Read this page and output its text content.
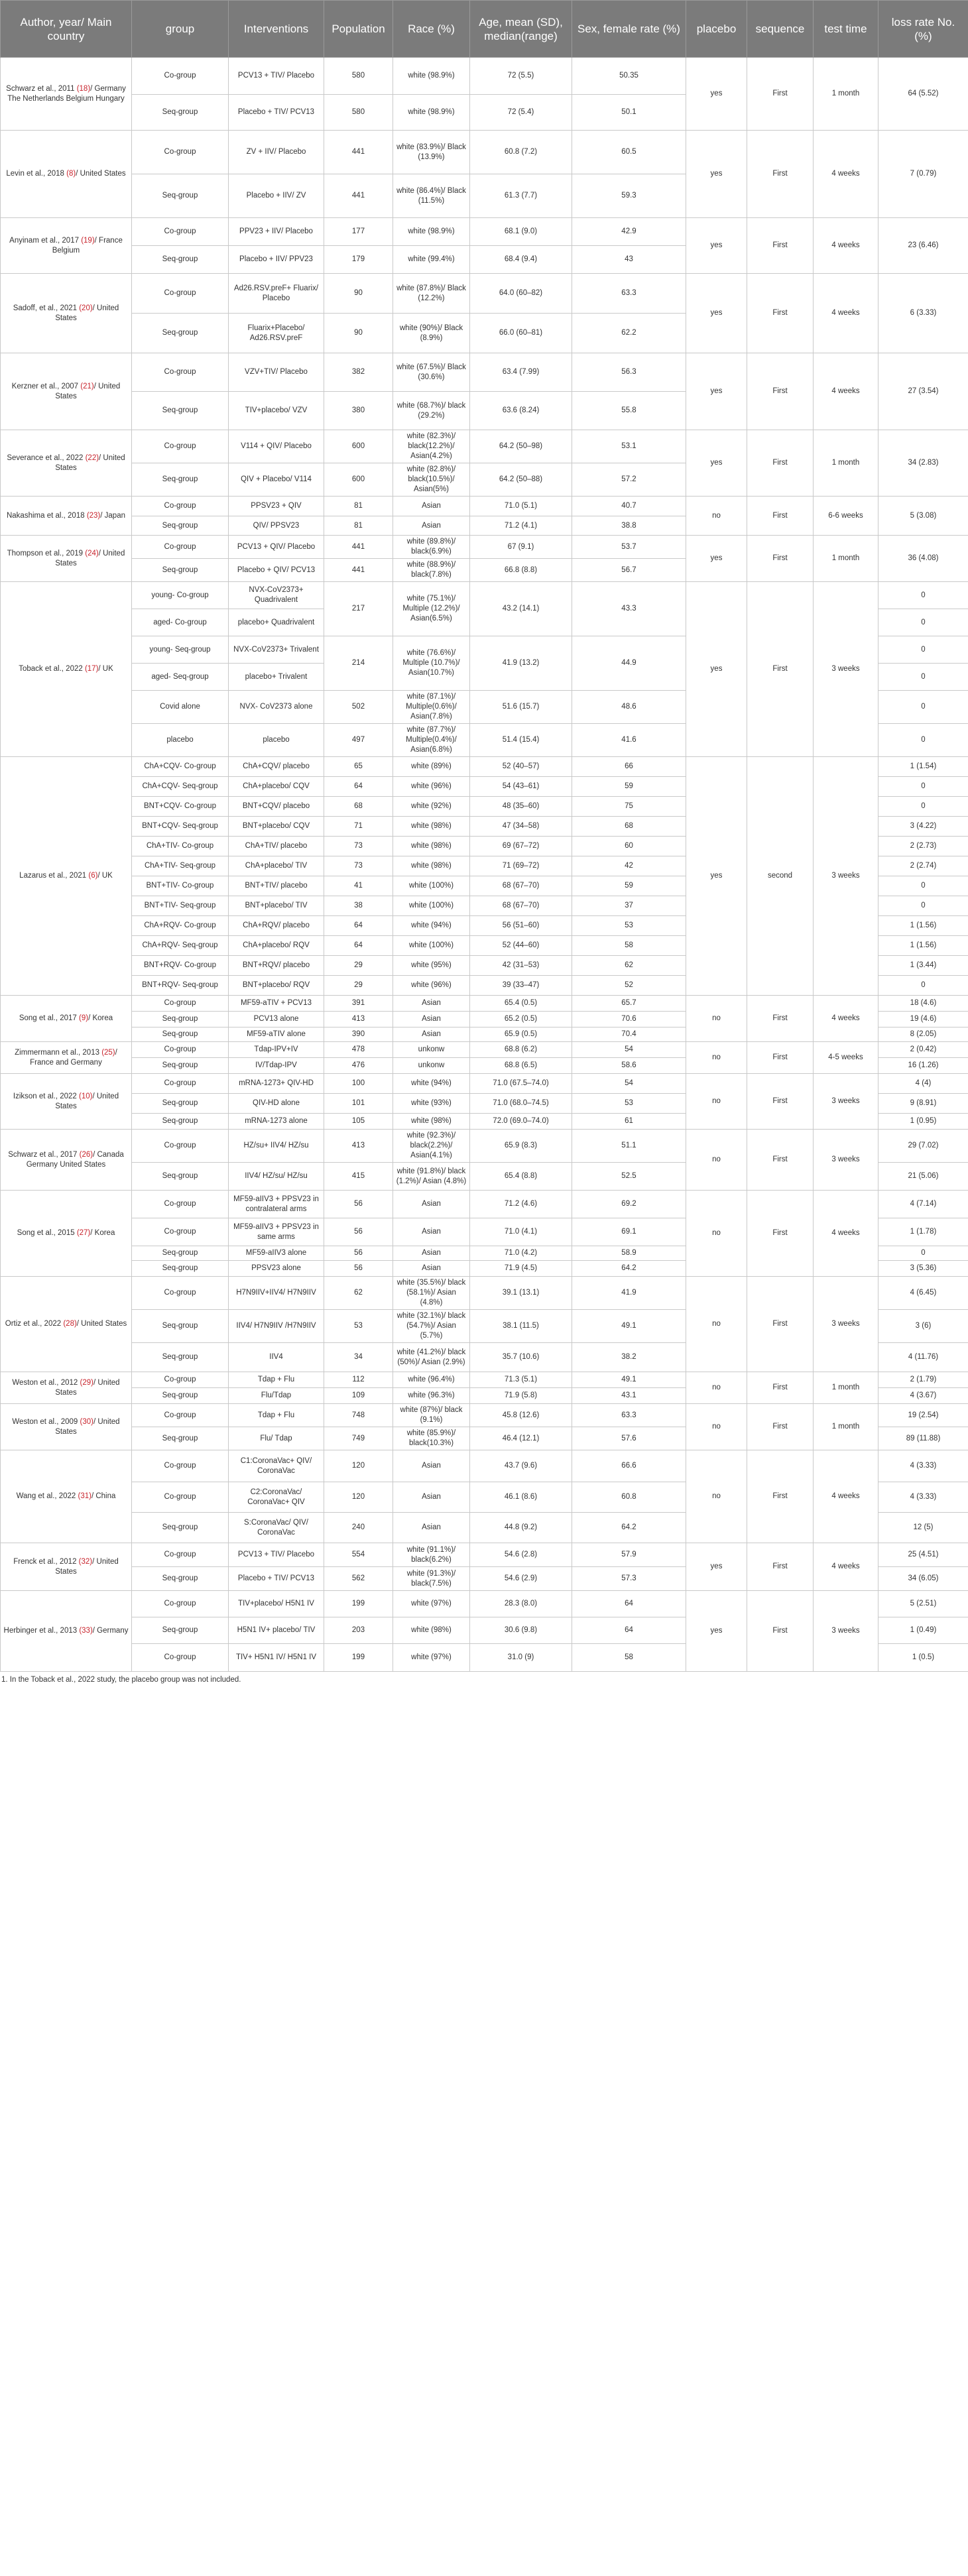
Author, year/ Main country	group	Interventions	Population	Race (%)	Age, mean (SD), median(range)	Sex, female rate (%)	placebo	sequence	test time	loss rate No. (%)
Schwarz et al., 2011 (18)/ Germany The Netherlands Belgium Hungary	Co-group	PCV13 + TIV/ Placebo	580	white (98.9%)	72 (5.5)	50.35	yes	First	1 month	64 (5.52)
	Seq-group	Placebo + TIV/ PCV13	580	white (98.9%)	72 (5.4)	50.1				
Levin et al., 2018 (8)/ United States	Co-group	ZV + IIV/ Placebo	441	white (83.9%)/ Black (13.9%)	60.8 (7.2)	60.5	yes	First	4 weeks	7 (0.79)
	Seq-group	Placebo + IIV/ ZV	441	white (86.4%)/ Black (11.5%)	61.3 (7.7)	59.3				
Anyinam et al., 2017 (19)/ France Belgium	Co-group	PPV23 + IIV/ Placebo	177	white (98.9%)	68.1 (9.0)	42.9	yes	First	4 weeks	23 (6.46)
	Seq-group	Placebo + IIV/ PPV23	179	white (99.4%)	68.4 (9.4)	43				
Sadoff, et al., 2021 (20)/ United States	Co-group	Ad26.RSV.preF+ Fluarix/ Placebo	90	white (87.8%)/ Black (12.2%)	64.0 (60–82)	63.3	yes	First	4 weeks	6 (3.33)
	Seq-group	Fluarix+Placebo/ Ad26.RSV.preF	90	white (90%)/ Black (8.9%)	66.0 (60–81)	62.2				
Kerzner et al., 2007 (21)/ United States	Co-group	VZV+TIV/ Placebo	382	white (67.5%)/ Black (30.6%)	63.4 (7.99)	56.3	yes	First	4 weeks	27 (3.54)
	Seq-group	TIV+placebo/ VZV	380	white (68.7%)/ black (29.2%)	63.6 (8.24)	55.8				
Severance et al., 2022 (22)/ United States	Co-group	V114 + QIV/ Placebo	600	white (82.3%)/ black(12.2%)/ Asian(4.2%)	64.2 (50–98)	53.1	yes	First	1 month	34 (2.83)
	Seq-group	QIV + Placebo/ V114	600	white (82.8%)/ black(10.5%)/ Asian(5%)	64.2 (50–88)	57.2				
Nakashima et al., 2018 (23)/ Japan	Co-group	PPSV23 + QIV	81	Asian	71.0 (5.1)	40.7	no	First	6-6 weeks	5 (3.08)
	Seq-group	QIV/ PPSV23	81	Asian	71.2 (4.1)	38.8				
Thompson et al., 2019 (24)/ United States	Co-group	PCV13 + QIV/ Placebo	441	white (89.8%)/ black(6.9%)	67 (9.1)	53.7	yes	First	1 month	36 (4.08)
	Seq-group	Placebo + QIV/ PCV13	441	white (88.9%)/ black(7.8%)	66.8 (8.8)	56.7				
Toback et al., 2022 (17)/ UK	young- Co-group	NVX-CoV2373+ Quadrivalent	217	white (75.1%)/ Multiple (12.2%)/ Asian(6.5%)	43.2 (14.1)	43.3	yes	First	3 weeks	0
	aged- Co-group	placebo+ Quadrivalent								0
	young- Seq-group	NVX-CoV2373+ Trivalent	214	white (76.6%)/ Multiple (10.7%)/ Asian(10.7%)	41.9 (13.2)	44.9				0
	aged- Seq-group	placebo+ Trivalent								0
	Covid alone	NVX- CoV2373 alone	502	white (87.1%)/ Multiple(0.6%)/ Asian(7.8%)	51.6 (15.7)	48.6				0
	placebo	placebo	497	white (87.7%)/ Multiple(0.4%)/ Asian(6.8%)	51.4 (15.4)	41.6				0
Lazarus et al., 2021 (6)/ UK	ChA+CQV- Co-group	ChA+CQV/ placebo	65	white (89%)	52 (40–57)	66	yes	second	3 weeks	1 (1.54)
	ChA+CQV- Seq-group	ChA+placebo/ CQV	64	white (96%)	54 (43–61)	59				0
	BNT+CQV- Co-group	BNT+CQV/ placebo	68	white (92%)	48 (35–60)	75				0
	BNT+CQV- Seq-group	BNT+placebo/ CQV	71	white (98%)	47 (34–58)	68				3 (4.22)
	ChA+TIV- Co-group	ChA+TIV/ placebo	73	white (98%)	69 (67–72)	60				2 (2.73)
	ChA+TIV- Seq-group	ChA+placebo/ TIV	73	white (98%)	71 (69–72)	42				2 (2.74)
	BNT+TIV- Co-group	BNT+TIV/ placebo	41	white (100%)	68 (67–70)	59				0
	BNT+TIV- Seq-group	BNT+placebo/ TIV	38	white (100%)	68 (67–70)	37				0
	ChA+RQV- Co-group	ChA+RQV/ placebo	64	white (94%)	56 (51–60)	53				1 (1.56)
	ChA+RQV- Seq-group	ChA+placebo/ RQV	64	white (100%)	52 (44–60)	58				1 (1.56)
	BNT+RQV- Co-group	BNT+RQV/ placebo	29	white (95%)	42 (31–53)	62				1 (3.44)
	BNT+RQV- Seq-group	BNT+placebo/ RQV	29	white (96%)	39 (33–47)	52				0
Song et al., 2017 (9)/ Korea	Co-group	MF59-aTIV + PCV13	391	Asian	65.4 (0.5)	65.7	no	First	4 weeks	18 (4.6)
	Seq-group	PCV13 alone	413	Asian	65.2 (0.5)	70.6				19 (4.6)
	Seq-group	MF59-aTIV alone	390	Asian	65.9 (0.5)	70.4				8 (2.05)
Zimmermann et al., 2013 (25)/ France and Germany	Co-group	Tdap-IPV+IV	478	unkonw	68.8 (6.2)	54	no	First	4-5 weeks	2 (0.42)
	Seq-group	IV/Tdap-IPV	476	unkonw	68.8 (6.5)	58.6				16 (1.26)
Izikson et al., 2022 (10)/ United States	Co-group	mRNA-1273+ QIV-HD	100	white (94%)	71.0 (67.5–74.0)	54	no	First	3 weeks	4 (4)
	Seq-group	QIV-HD alone	101	white (93%)	71.0 (68.0–74.5)	53				9 (8.91)
	Seq-group	mRNA-1273 alone	105	white (98%)	72.0 (69.0–74.0)	61				1 (0.95)
Schwarz et al., 2017 (26)/ Canada Germany United States	Co-group	HZ/su+ IIV4/ HZ/su	413	white (92.3%)/ black(2.2%)/ Asian(4.1%)	65.9 (8.3)	51.1	no	First	3 weeks	29 (7.02)
	Seq-group	IIV4/ HZ/su/ HZ/su	415	white (91.8%)/ black (1.2%)/ Asian (4.8%)	65.4 (8.8)	52.5				21 (5.06)
Song et al., 2015 (27)/ Korea	Co-group	MF59-aIIV3 + PPSV23 in contralateral arms	56	Asian	71.2 (4.6)	69.2	no	First	4 weeks	4 (7.14)
	Co-group	MF59-aIIV3 + PPSV23 in same arms	56	Asian	71.0 (4.1)	69.1				1 (1.78)
	Seq-group	MF59-aIIV3 alone	56	Asian	71.0 (4.2)	58.9				0
	Seq-group	PPSV23 alone	56	Asian	71.9 (4.5)	64.2				3 (5.36)
Ortiz et al., 2022 (28)/ United States	Co-group	H7N9IIV+IIV4/ H7N9IIV	62	white (35.5%)/ black (58.1%)/ Asian (4.8%)	39.1 (13.1)	41.9	no	First	3 weeks	4 (6.45)
	Seq-group	IIV4/ H7N9IIV /H7N9IIV	53	white (32.1%)/ black (54.7%)/ Asian (5.7%)	38.1 (11.5)	49.1				3 (6)
	Seq-group	IIV4	34	white (41.2%)/ black (50%)/ Asian (2.9%)	35.7 (10.6)	38.2				4 (11.76)
Weston et al., 2012 (29)/ United States	Co-group	Tdap + Flu	112	white (96.4%)	71.3 (5.1)	49.1	no	First	1 month	2 (1.79)
	Seq-group	Flu/Tdap	109	white (96.3%)	71.9 (5.8)	43.1				4 (3.67)
Weston et al., 2009 (30)/ United States	Co-group	Tdap + Flu	748	white (87%)/ black (9.1%)	45.8 (12.6)	63.3	no	First	1 month	19 (2.54)
	Seq-group	Flu/ Tdap	749	white (85.9%)/ black(10.3%)	46.4 (12.1)	57.6				89 (11.88)
Wang et al., 2022 (31)/ China	Co-group	C1:CoronaVac+ QIV/ CoronaVac	120	Asian	43.7 (9.6)	66.6	no	First	4 weeks	4 (3.33)
	Co-group	C2:CoronaVac/ CoronaVac+ QIV	120	Asian	46.1 (8.6)	60.8				4 (3.33)
	Seq-group	S:CoronaVac/ QIV/ CoronaVac	240	Asian	44.8 (9.2)	64.2				12 (5)
Frenck et al., 2012 (32)/ United States	Co-group	PCV13 + TIV/ Placebo	554	white (91.1%)/ black(6.2%)	54.6 (2.8)	57.9	yes	First	4 weeks	25 (4.51)
	Seq-group	Placebo + TIV/ PCV13	562	white (91.3%)/ black(7.5%)	54.6 (2.9)	57.3				34 (6.05)
Herbinger et al., 2013 (33)/ Germany	Co-group	TIV+placebo/ H5N1 IV	199	white (97%)	28.3 (8.0)	64	yes	First	3 weeks	5 (2.51)
	Seq-group	H5N1 IV+ placebo/ TIV	203	white (98%)	30.6 (9.8)	64				1 (0.49)
	Co-group	TIV+ H5N1 IV/ H5N1 IV	199	white (97%)	31.0 (9)	58				1 (0.5)
1. In the Toback et al., 2022 study, the placebo group was not included.
